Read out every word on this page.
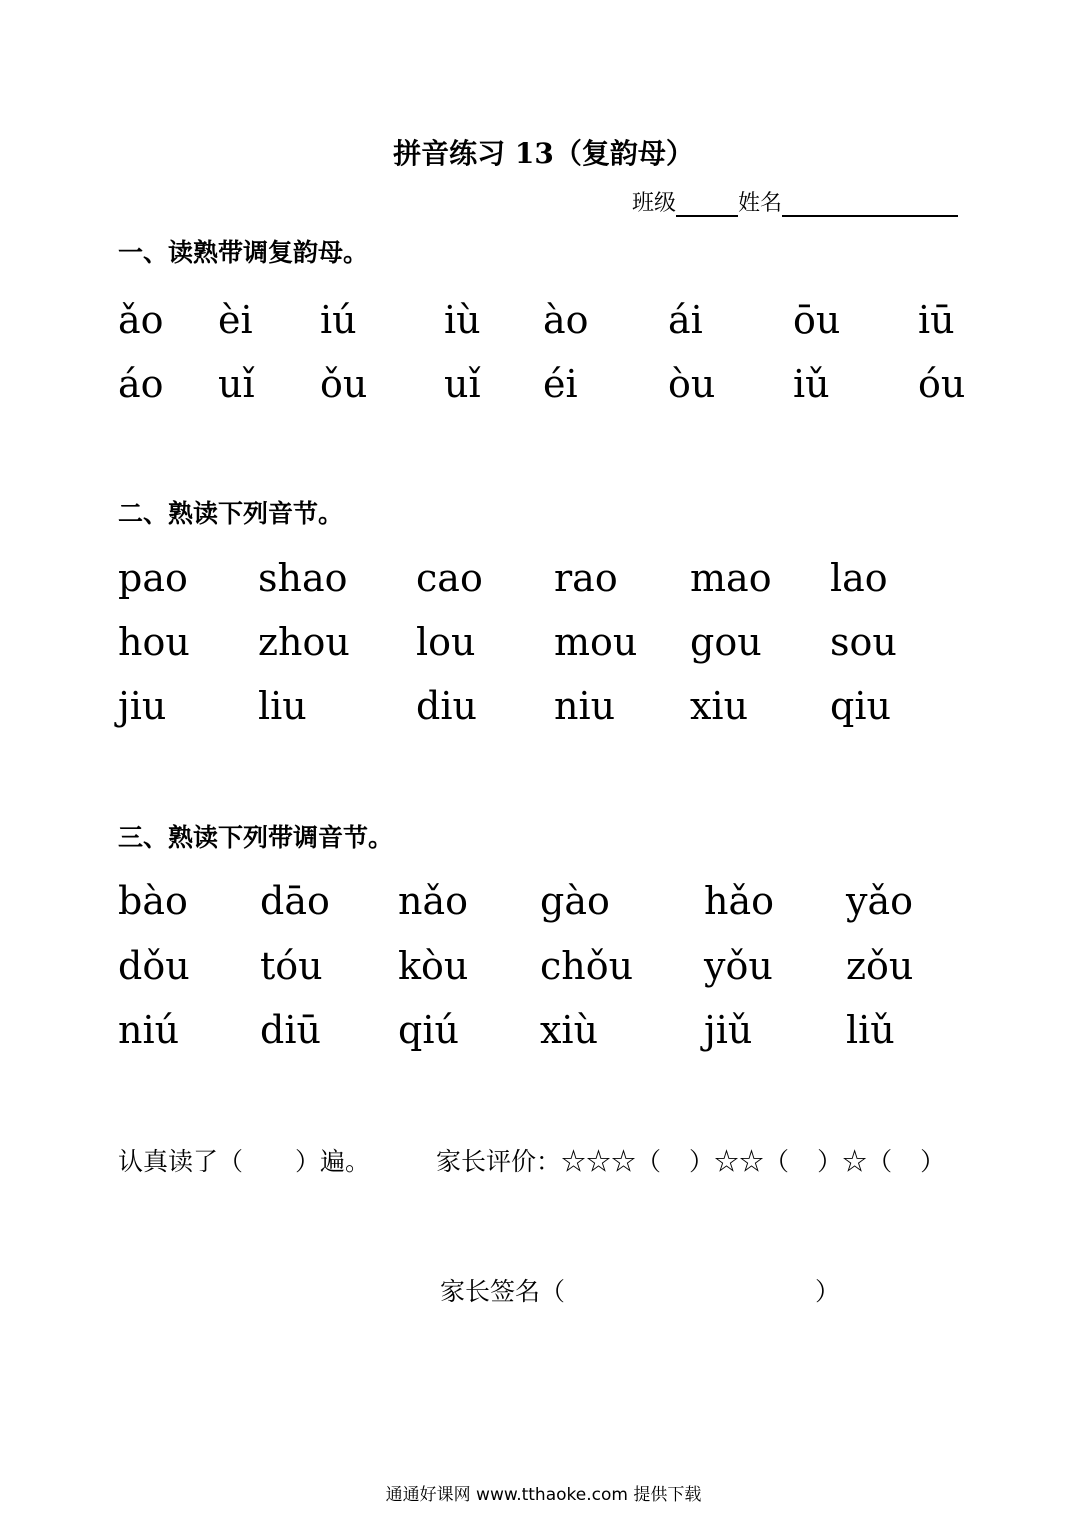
拼音练习 13（复韵母）
班级	姓名
一、读熟带调复韵母。
ǎo èi iú iù ào ái ōu iū
áo uǐ ǒu uǐ éi òu iǔ óu
二、熟读下列音节。
pao shao cao rao mao lao
hou zhou lou mou gou sou
jiu liu	diu niu xiu qiu
三、熟读下列带调音节。
bào dāo nǎo gào hǎo yǎo
dǒu tóu kòu chǒu yǒu zǒu
niú diū qiú xiù	jiǔ liǔ
认真读了（ ）遍。	家长评价：☆☆☆（ ）☆☆（ ）☆（ ）
家长签名（	）
通通好课网 www.tthaoke.com 提供下载
